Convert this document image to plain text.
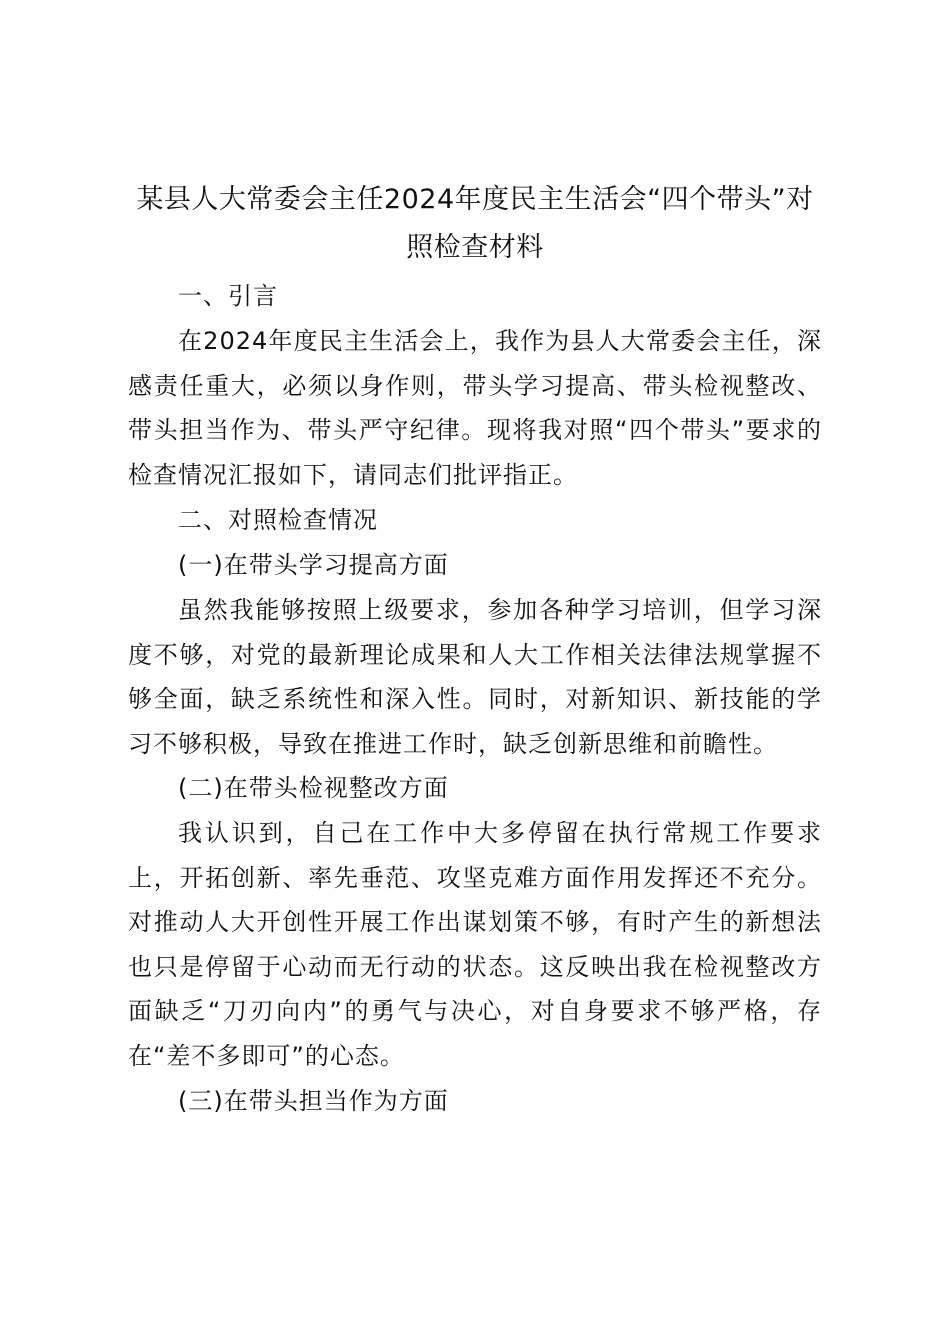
某县人大常委会主任2024年度民主生活会“四个带头”对照检查材料
一、引言

在2024年度民主生活会上，我作为县人大常委会主任，深感责任重大，必须以身作则，带头学习提高、带头检视整改、带头担当作为、带头严守纪律。现将我对照“四个带头”要求的检查情况汇报如下，请同志们批评指正。

二、对照检查情况
(一)在带头学习提高方面

虽然我能够按照上级要求，参加各种学习培训，但学习深度不够，对党的最新理论成果和人大工作相关法律法规掌握不够全面，缺乏系统性和深入性。同时，对新知识、新技能的学习不够积极，导致在推进工作时，缺乏创新思维和前瞻性。

(二)在带头检视整改方面

我认识到，自己在工作中大多停留在执行常规工作要求上，开拓创新、率先垂范、攻坚克难方面作用发挥还不充分。对推动人大开创性开展工作出谋划策不够，有时产生的新想法也只是停留于心动而无行动的状态。这反映出我在检视整改方面缺乏“刀刃向内”的勇气与决心，对自身要求不够严格，存在“差不多即可”的心态。

(三)在带头担当作为方面
